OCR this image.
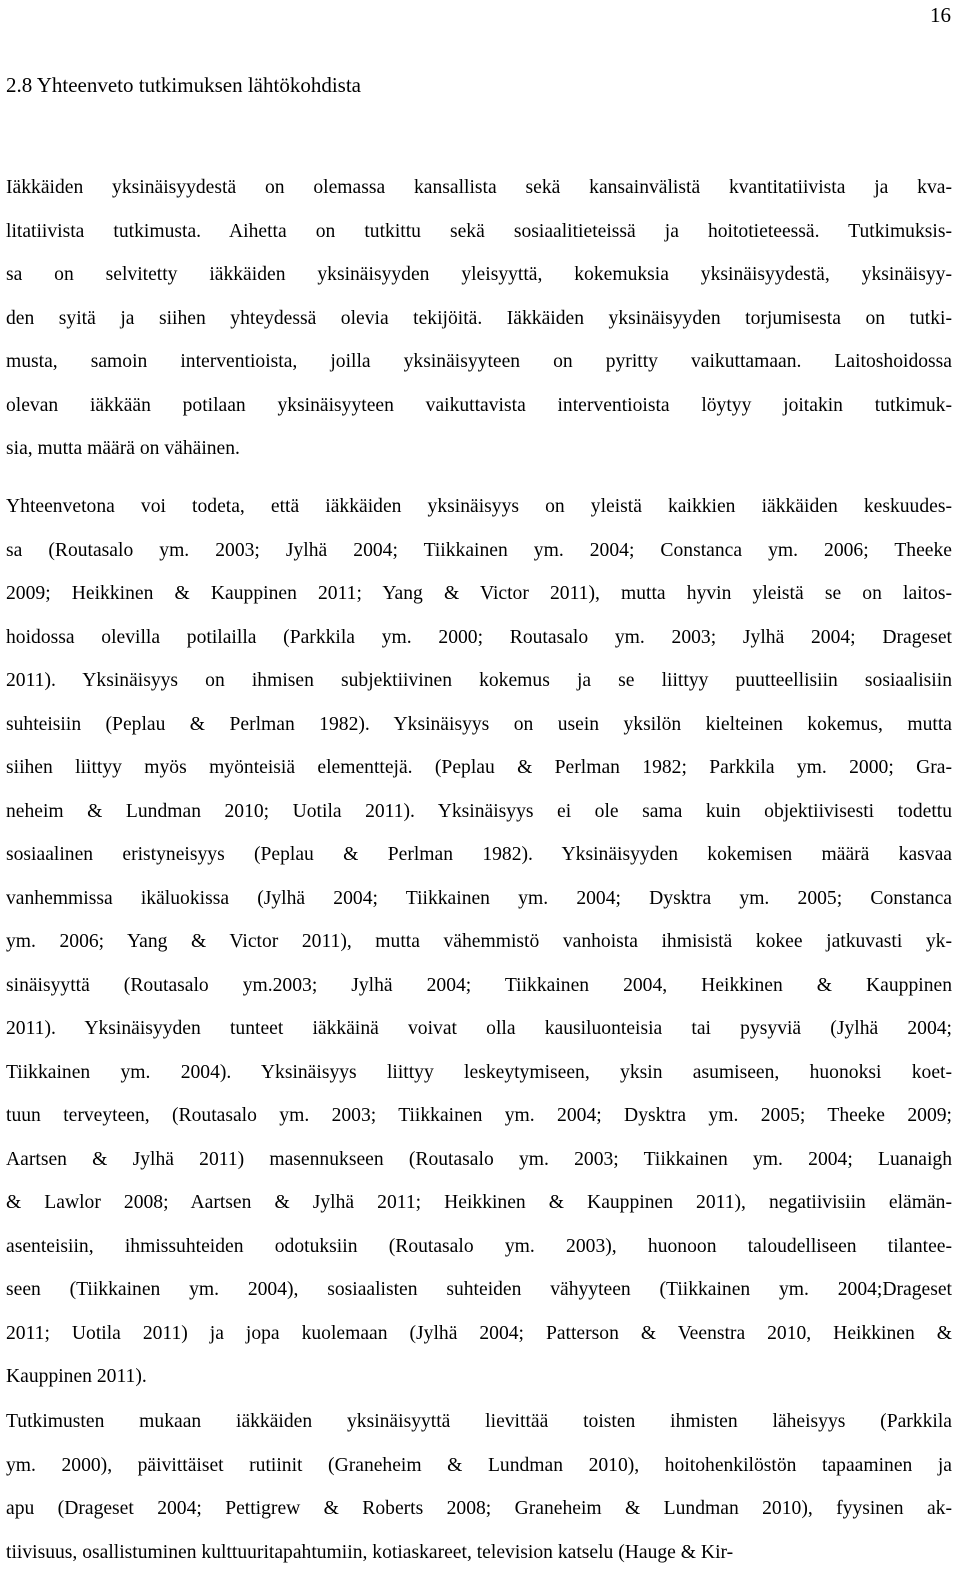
16
2.8 Yhteenveto tutkimuksen lähtökohdista
Iäkkäiden yksinäisyydestä on olemassa kansallista sekä kansainvälistä kvantitatiivista ja kva-
litatiivista tutkimusta. Aihetta on tutkittu sekä sosiaalitieteissä ja hoitotieteessä. Tutkimuksis-
sa on selvitetty iäkkäiden yksinäisyyden yleisyyttä, kokemuksia yksinäisyydestä, yksinäisyy-
den syitä ja siihen yhteydessä olevia tekijöitä. Iäkkäiden yksinäisyyden torjumisesta on tutki-
musta, samoin interventioista, joilla yksinäisyyteen on pyritty vaikuttamaan. Laitoshoidossa
olevan iäkkään potilaan yksinäisyyteen vaikuttavista interventioista löytyy joitakin tutkimuk-
sia, mutta määrä on vähäinen.
Yhteenvetona voi todeta, että iäkkäiden yksinäisyys on yleistä kaikkien iäkkäiden keskuudes-
sa (Routasalo ym. 2003; Jylhä 2004; Tiikkainen ym. 2004; Constanca ym. 2006; Theeke
2009; Heikkinen & Kauppinen 2011; Yang & Victor 2011), mutta hyvin yleistä se on laitos-
hoidossa olevilla potilailla (Parkkila ym. 2000; Routasalo ym. 2003; Jylhä 2004; Drageset
2011). Yksinäisyys on ihmisen subjektiivinen kokemus ja se liittyy puutteellisiin sosiaalisiin
suhteisiin (Peplau & Perlman 1982). Yksinäisyys on usein yksilön kielteinen kokemus, mutta
siihen liittyy myös myönteisiä elementtejä. (Peplau & Perlman 1982; Parkkila ym. 2000; Gra-
neheim & Lundman 2010; Uotila 2011). Yksinäisyys ei ole sama kuin objektiivisesti todettu
sosiaalinen eristyneisyys (Peplau & Perlman 1982). Yksinäisyyden kokemisen määrä kasvaa
vanhemmissa ikäluokissa (Jylhä 2004; Tiikkainen ym. 2004; Dysktra ym. 2005; Constanca
ym. 2006; Yang & Victor 2011), mutta vähemmistö vanhoista ihmisistä kokee jatkuvasti yk-
sinäisyyttä (Routasalo ym.2003; Jylhä 2004; Tiikkainen 2004, Heikkinen & Kauppinen
2011). Yksinäisyyden tunteet iäkkäinä voivat olla kausiluonteisia tai pysyviä (Jylhä 2004;
Tiikkainen ym. 2004). Yksinäisyys liittyy leskeytymiseen, yksin asumiseen, huonoksi koet-
tuun terveyteen, (Routasalo ym. 2003; Tiikkainen ym. 2004; Dysktra ym. 2005; Theeke 2009;
Aartsen & Jylhä 2011) masennukseen (Routasalo ym. 2003; Tiikkainen ym. 2004; Luanaigh
& Lawlor 2008; Aartsen & Jylhä 2011; Heikkinen & Kauppinen 2011), negatiivisiin elämän-
asenteisiin, ihmissuhteiden odotuksiin (Routasalo ym. 2003), huonoon taloudelliseen tilantee-
seen (Tiikkainen ym. 2004), sosiaalisten suhteiden vähyyteen (Tiikkainen ym. 2004;Drageset
2011; Uotila 2011) ja jopa kuolemaan (Jylhä 2004; Patterson & Veenstra 2010, Heikkinen &
Kauppinen 2011).
Tutkimusten mukaan iäkkäiden yksinäisyyttä lievittää toisten ihmisten läheisyys (Parkkila
ym. 2000), päivittäiset rutiinit (Graneheim & Lundman 2010), hoitohenkilöstön tapaaminen ja
apu (Drageset 2004; Pettigrew & Roberts 2008; Graneheim & Lundman 2010), fyysinen ak-
tiivisuus, osallistuminen kulttuuritapahtumiin, kotiaskareet, television katselu (Hauge & Kir-
